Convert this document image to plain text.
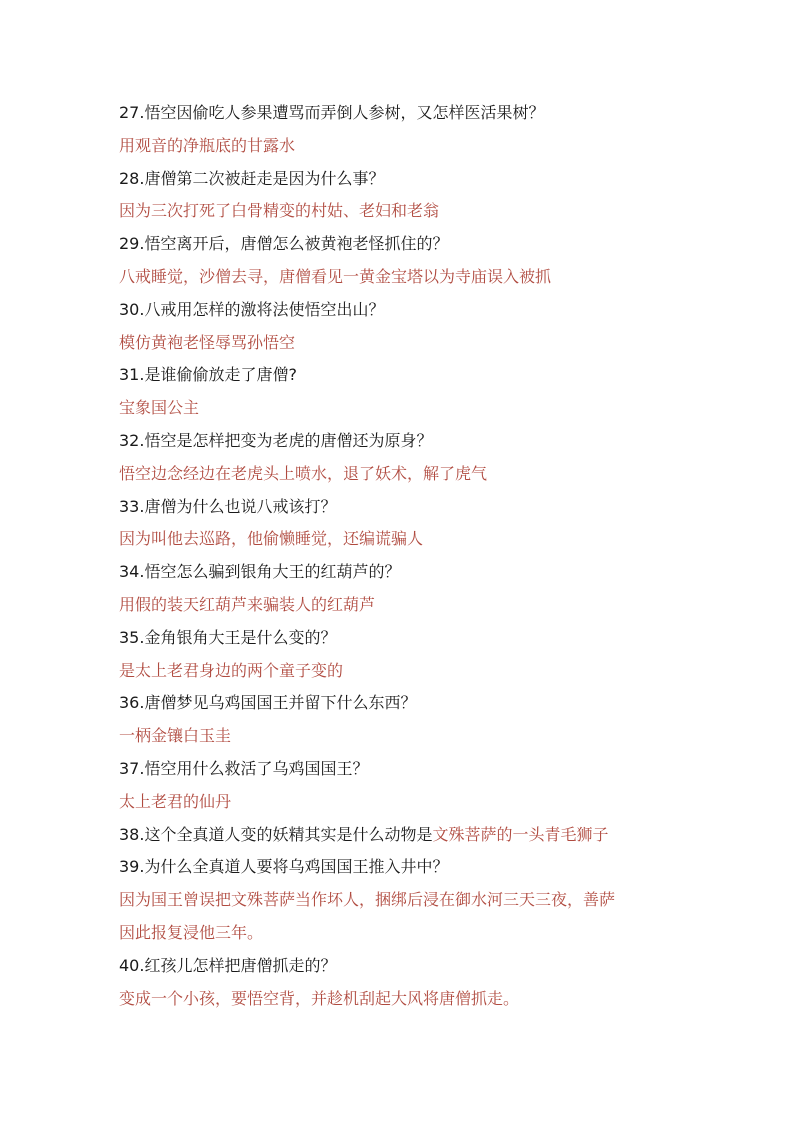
27.悟空因偷吃人参果遭骂而弄倒人参树，又怎样医活果树？
用观音的净瓶底的甘露水
28.唐僧第二次被赶走是因为什么事？
因为三次打死了白骨精变的村姑、老妇和老翁
29.悟空离开后，唐僧怎么被黄袍老怪抓住的？
八戒睡觉，沙僧去寻，唐僧看见一黄金宝塔以为寺庙误入被抓
30.八戒用怎样的激将法使悟空出山？
模仿黄袍老怪辱骂孙悟空
31.是谁偷偷放走了唐僧?
宝象国公主
32.悟空是怎样把变为老虎的唐僧还为原身？
悟空边念经边在老虎头上喷水，退了妖术，解了虎气
33.唐僧为什么也说八戒该打？
因为叫他去巡路，他偷懒睡觉，还编谎骗人
34.悟空怎么骗到银角大王的红葫芦的？
用假的装天红葫芦来骗装人的红葫芦
35.金角银角大王是什么变的？
是太上老君身边的两个童子变的
36.唐僧梦见乌鸡国国王并留下什么东西？
一柄金镶白玉圭
37.悟空用什么救活了乌鸡国国王？
太上老君的仙丹
38.这个全真道人变的妖精其实是什么动物是文殊菩萨的一头青毛狮子
39.为什么全真道人要将乌鸡国国王推入井中？
因为国王曾误把文殊菩萨当作坏人，捆绑后浸在御水河三天三夜，善萨
因此报复浸他三年。
40.红孩儿怎样把唐僧抓走的？
变成一个小孩，要悟空背，并趁机刮起大风将唐僧抓走。
